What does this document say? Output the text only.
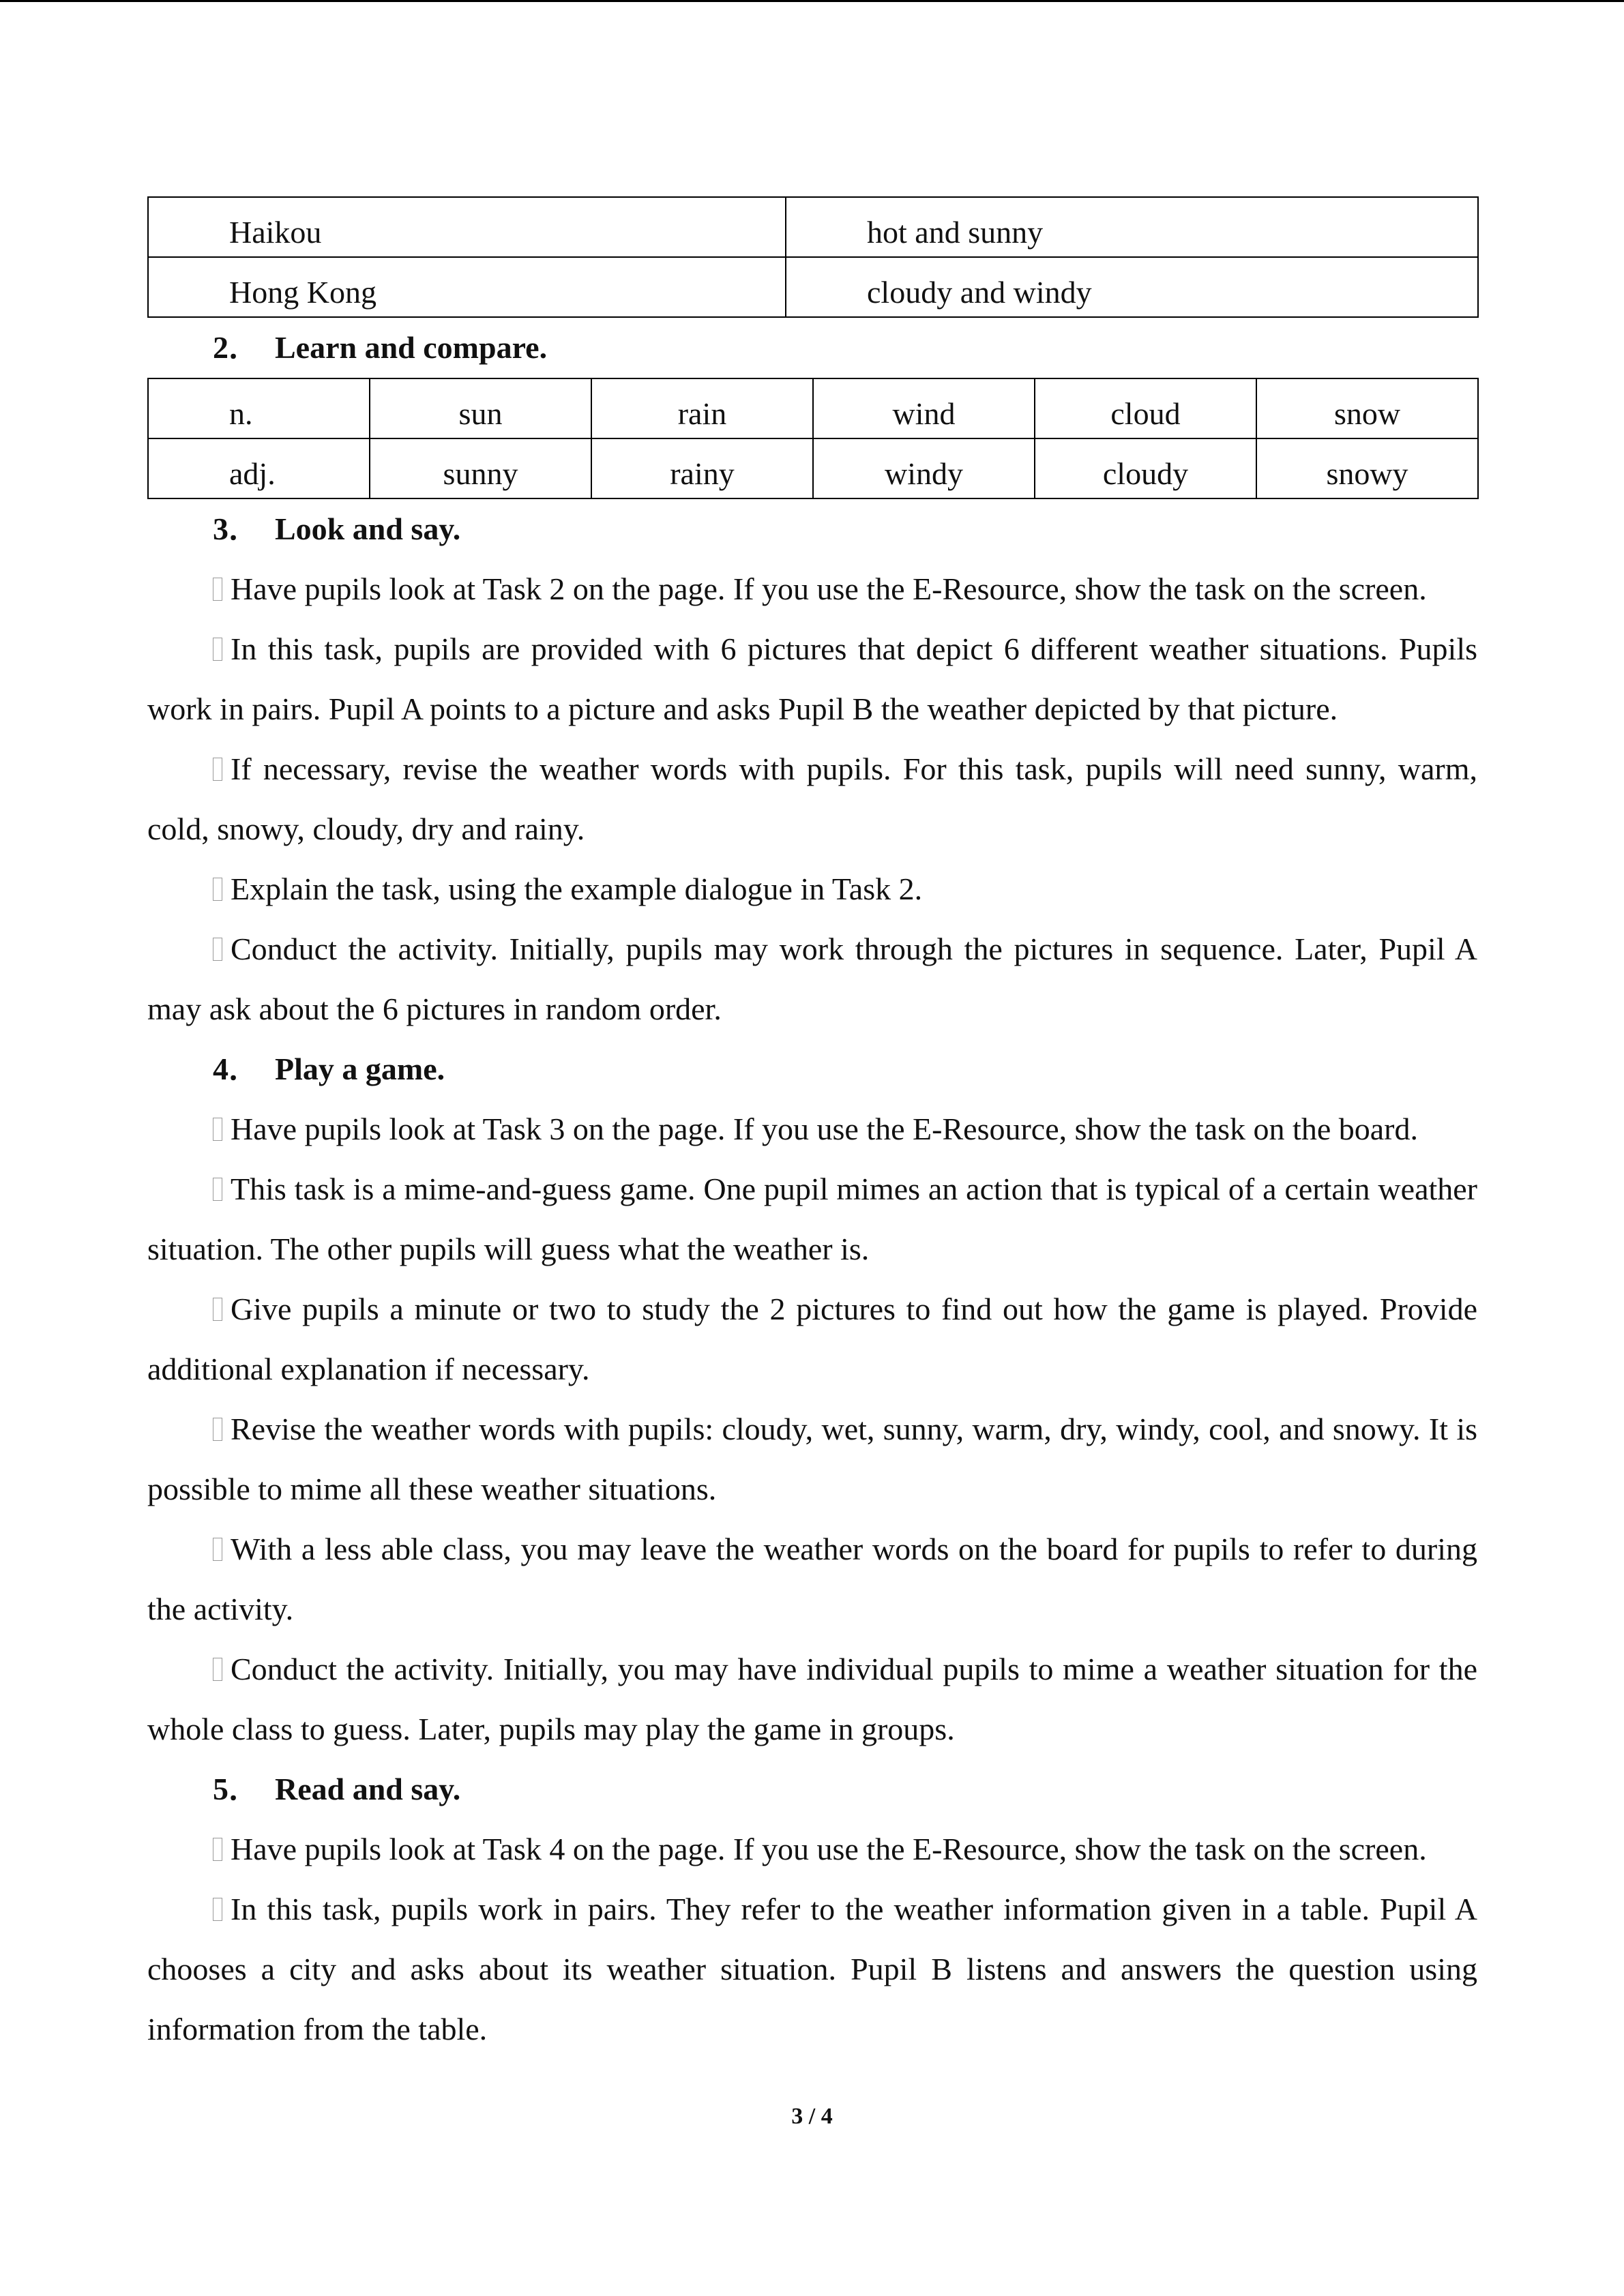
Haikou	hot and sunny
Hong Kong	cloudy and windy
2． Learn and compare.
n.	sun	rain	wind	cloud	snow
adj.	sunny	rainy	windy	cloudy	snowy
3． Look and say.

Have pupils look at Task 2 on the page. If you use the E-Resource, show the task on the screen.

In this task, pupils are provided with 6 pictures that depict 6 different weather situations. Pupils work in pairs. Pupil A points to a picture and asks Pupil B the weather depicted by that picture.

If necessary, revise the weather words with pupils. For this task, pupils will need sunny, warm, cold, snowy, cloudy, dry and rainy.

Explain the task, using the example dialogue in Task 2.

Conduct the activity. Initially, pupils may work through the pictures in sequence. Later, Pupil A may ask about the 6 pictures in random order.

4． Play a game.

Have pupils look at Task 3 on the page. If you use the E-Resource, show the task on the board.

This task is a mime-and-guess game. One pupil mimes an action that is typical of a certain weather situation. The other pupils will guess what the weather is.

Give pupils a minute or two to study the 2 pictures to find out how the game is played. Provide additional explanation if necessary.

Revise the weather words with pupils: cloudy, wet, sunny, warm, dry, windy, cool, and snowy. It is possible to mime all these weather situations.

With a less able class, you may leave the weather words on the board for pupils to refer to during the activity.

Conduct the activity. Initially, you may have individual pupils to mime a weather situation for the whole class to guess. Later, pupils may play the game in groups.

5． Read and say.

Have pupils look at Task 4 on the page. If you use the E-Resource, show the task on the screen.

In this task, pupils work in pairs. They refer to the weather information given in a table. Pupil A chooses a city and asks about its weather situation. Pupil B listens and answers the question using information from the table.

3 / 4
